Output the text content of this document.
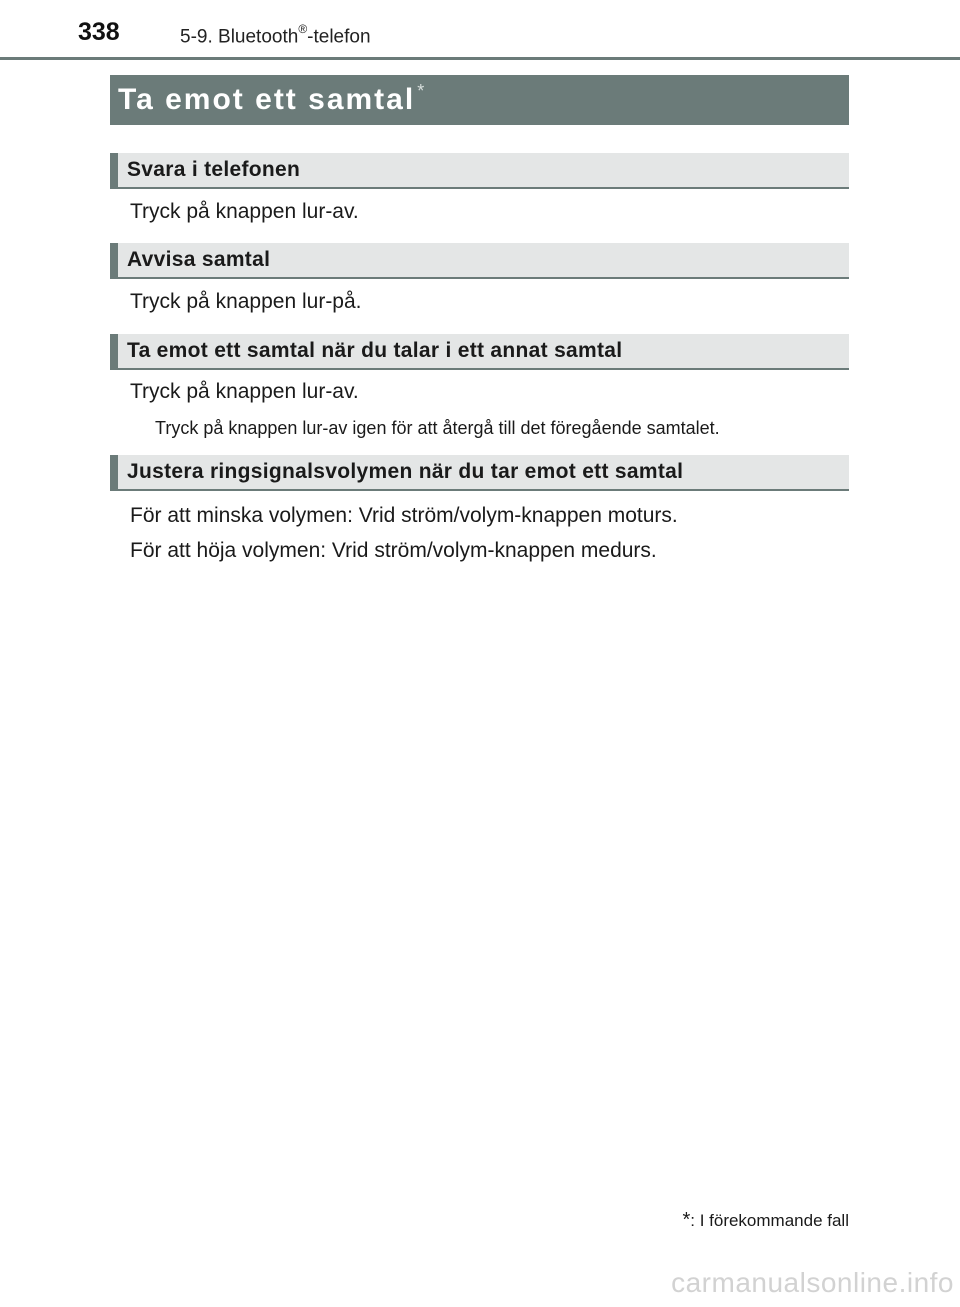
338	5-9. Bluetooth®-telefon
Ta emot ett samtal *
Svara i telefonen
Tryck på knappen lur-av.
Avvisa samtal
Tryck på knappen lur-på.
Ta emot ett samtal när du talar i ett annat samtal
Tryck på knappen lur-av.
Tryck på knappen lur-av igen för att återgå till det föregående samtalet.
Justera ringsignalsvolymen när du tar emot ett samtal
För att minska volymen: Vrid ström/volym-knappen moturs.
För att höja volymen: Vrid ström/volym-knappen medurs.
*: I förekommande fall
carmanualsonline.info
